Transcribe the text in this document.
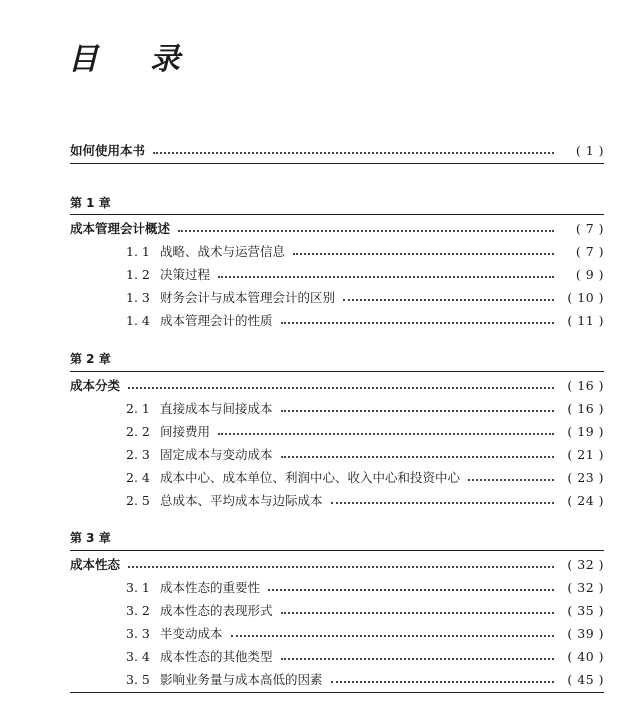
目 录
如何使用本书	( 1 )
第 1 章
成本管理会计概述	( 7 )
1. 1 战略、战术与运营信息	( 7 )
1. 2 决策过程	( 9 )
1. 3 财务会计与成本管理会计的区别	( 10 )
1. 4 成本管理会计的性质	( 11 )
第 2 章
成本分类	( 16 )
2. 1 直接成本与间接成本	( 16 )
2. 2 间接费用	( 19 )
2. 3 固定成本与变动成本	( 21 )
2. 4 成本中心、成本单位、利润中心、收入中心和投资中心	( 23 )
2. 5 总成本、平均成本与边际成本	( 24 )
第 3 章
成本性态	( 32 )
3. 1 成本性态的重要性	( 32 )
3. 2 成本性态的表现形式	( 35 )
3. 3 半变动成本	( 39 )
3. 4 成本性态的其他类型	( 40 )
3. 5 影响业务量与成本高低的因素	( 45 )
